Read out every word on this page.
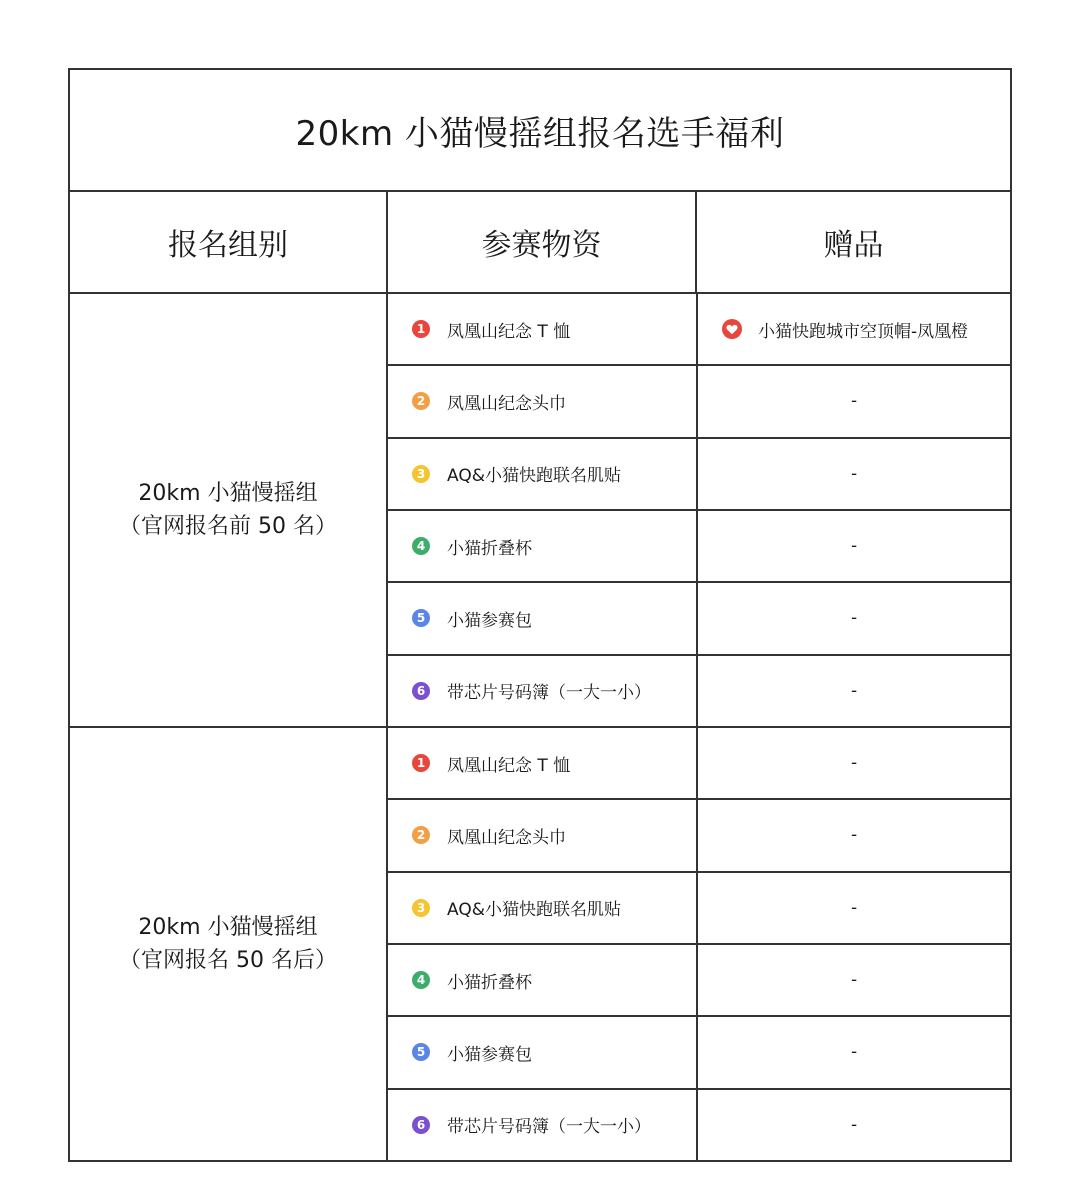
20km 小猫慢摇组报名选手福利
报名组别	参赛物资	赠品
20km 小猫慢摇组
（官网报名前 50 名）
1 凤凰山纪念 T 恤	小猫快跑城市空顶帽-凤凰橙
2 凤凰山纪念头巾	-
3 AQ&小猫快跑联名肌贴	-
4 小猫折叠杯	-
5 小猫参赛包	-
6 带芯片号码簿（一大一小）	-
20km 小猫慢摇组
（官网报名 50 名后）
1 凤凰山纪念 T 恤	-
2 凤凰山纪念头巾	-
3 AQ&小猫快跑联名肌贴	-
4 小猫折叠杯	-
5 小猫参赛包	-
6 带芯片号码簿（一大一小）	-
